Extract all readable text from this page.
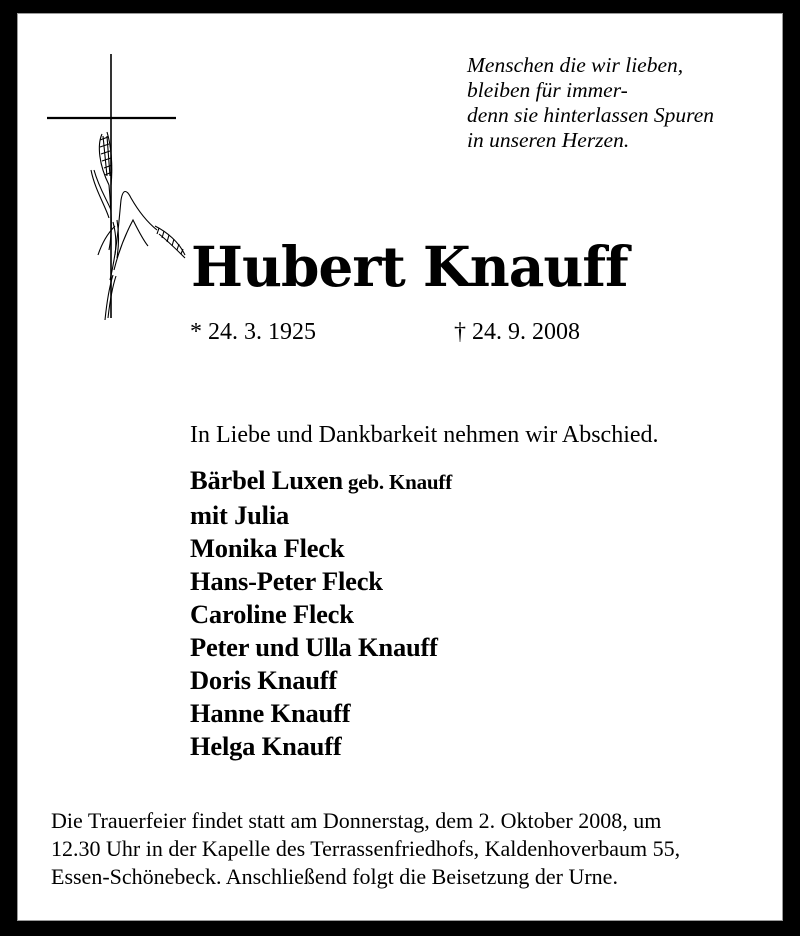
Menschen die wir lieben,
bleiben für immer-
denn sie hinterlassen Spuren
in unseren Herzen.
Hubert Knauff
* 24. 3. 1925	† 24. 9. 2008
In Liebe und Dankbarkeit nehmen wir Abschied.
Bärbel Luxen geb. Knauff
mit Julia
Monika Fleck
Hans-Peter Fleck
Caroline Fleck
Peter und Ulla Knauff
Doris Knauff
Hanne Knauff
Helga Knauff
Die Trauerfeier findet statt am Donnerstag, dem 2. Oktober 2008, um
12.30 Uhr in der Kapelle des Terrassenfriedhofs, Kaldenhoverbaum 55,
Essen-Schönebeck. Anschließend folgt die Beisetzung der Urne.
